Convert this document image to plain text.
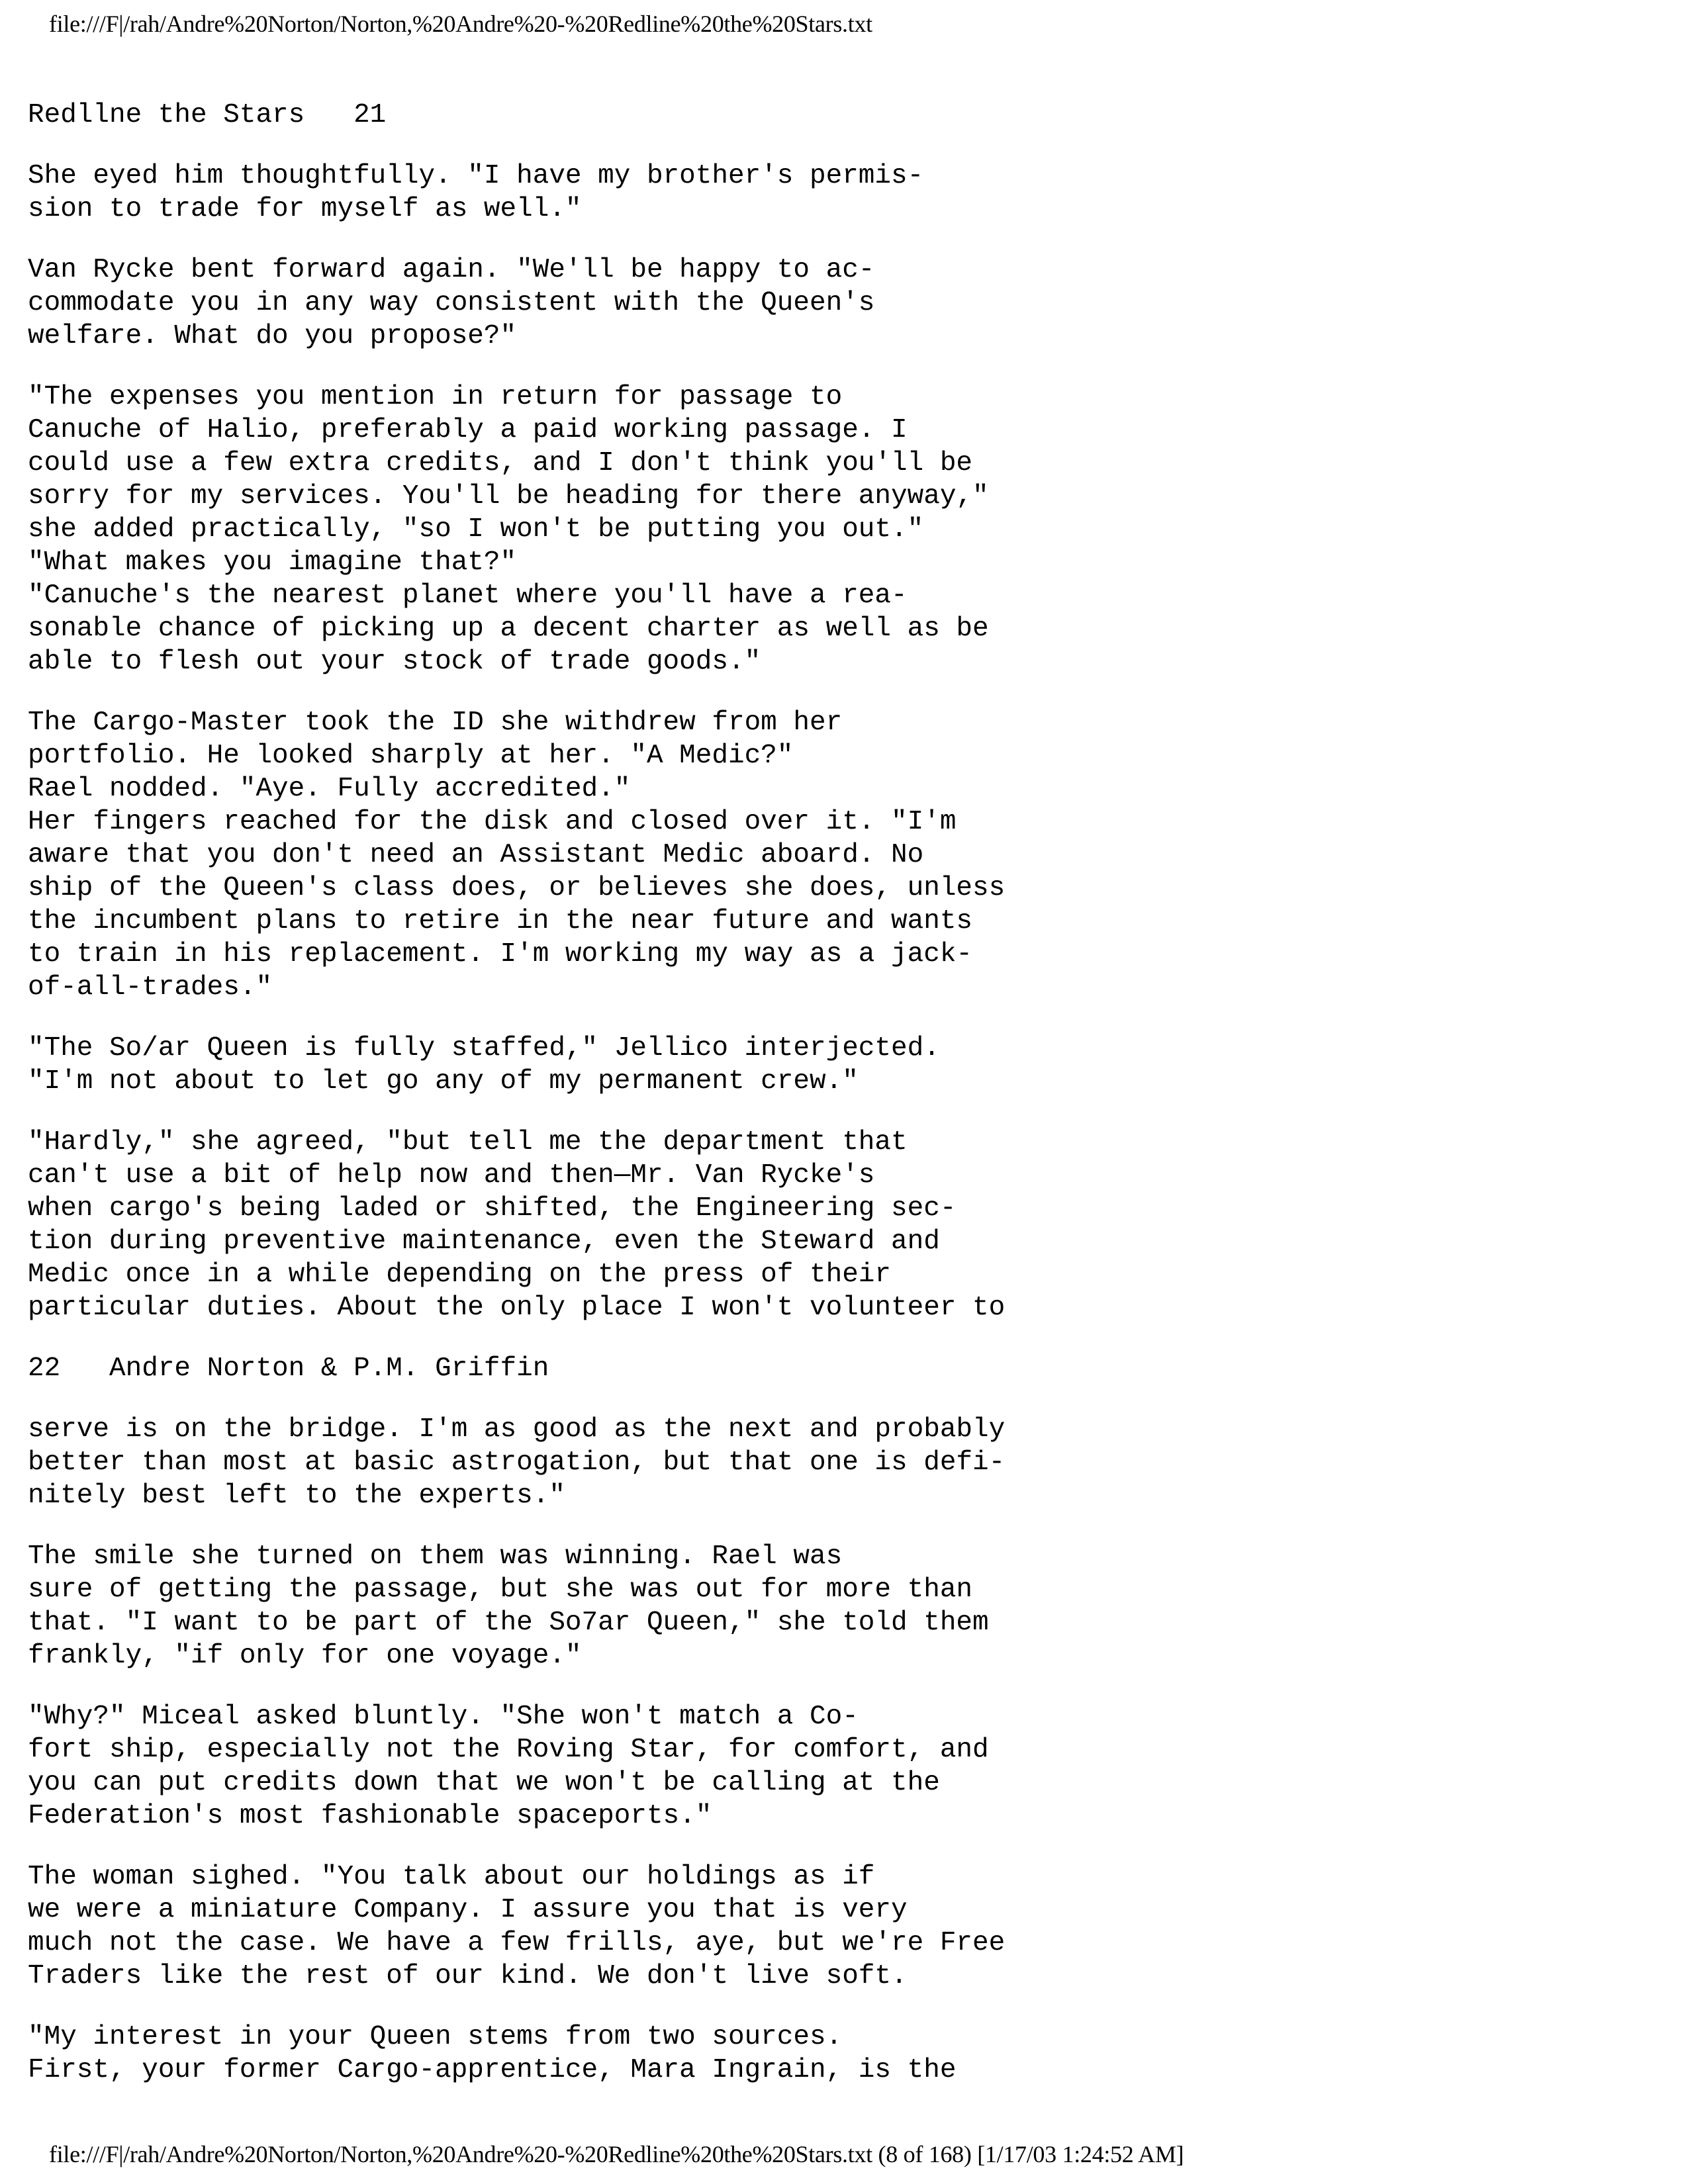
file:///F|/rah/Andre%20Norton/Norton,%20Andre%20-%20Redline%20the%20Stars.txt
Redllne the Stars   21
She eyed him thoughtfully. "I have my brother's permis-
sion to trade for myself as well."
Van Rycke bent forward again. "We'll be happy to ac-
commodate you in any way consistent with the Queen's
welfare. What do you propose?"
"The expenses you mention in return for passage to
Canuche of Halio, preferably a paid working passage. I
could use a few extra credits, and I don't think you'll be
sorry for my services. You'll be heading for there anyway,"
she added practically, "so I won't be putting you out."
"What makes you imagine that?"
"Canuche's the nearest planet where you'll have a rea-
sonable chance of picking up a decent charter as well as be
able to flesh out your stock of trade goods."
The Cargo-Master took the ID she withdrew from her
portfolio. He looked sharply at her. "A Medic?"
Rael nodded. "Aye. Fully accredited."
Her fingers reached for the disk and closed over it. "I'm
aware that you don't need an Assistant Medic aboard. No
ship of the Queen's class does, or believes she does, unless
the incumbent plans to retire in the near future and wants
to train in his replacement. I'm working my way as a jack-
of-all-trades."
"The So/ar Queen is fully staffed," Jellico interjected.
"I'm not about to let go any of my permanent crew."
"Hardly," she agreed, "but tell me the department that
can't use a bit of help now and then—Mr. Van Rycke's
when cargo's being laded or shifted, the Engineering sec-
tion during preventive maintenance, even the Steward and
Medic once in a while depending on the press of their
particular duties. About the only place I won't volunteer to
22   Andre Norton & P.M. Griffin
serve is on the bridge. I'm as good as the next and probably
better than most at basic astrogation, but that one is defi-
nitely best left to the experts."
The smile she turned on them was winning. Rael was
sure of getting the passage, but she was out for more than
that. "I want to be part of the So7ar Queen," she told them
frankly, "if only for one voyage."
"Why?" Miceal asked bluntly. "She won't match a Co-
fort ship, especially not the Roving Star, for comfort, and
you can put credits down that we won't be calling at the
Federation's most fashionable spaceports."
The woman sighed. "You talk about our holdings as if
we were a miniature Company. I assure you that is very
much not the case. We have a few frills, aye, but we're Free
Traders like the rest of our kind. We don't live soft.
"My interest in your Queen stems from two sources.
First, your former Cargo-apprentice, Mara Ingrain, is the
file:///F|/rah/Andre%20Norton/Norton,%20Andre%20-%20Redline%20the%20Stars.txt (8 of 168) [1/17/03 1:24:52 AM]
